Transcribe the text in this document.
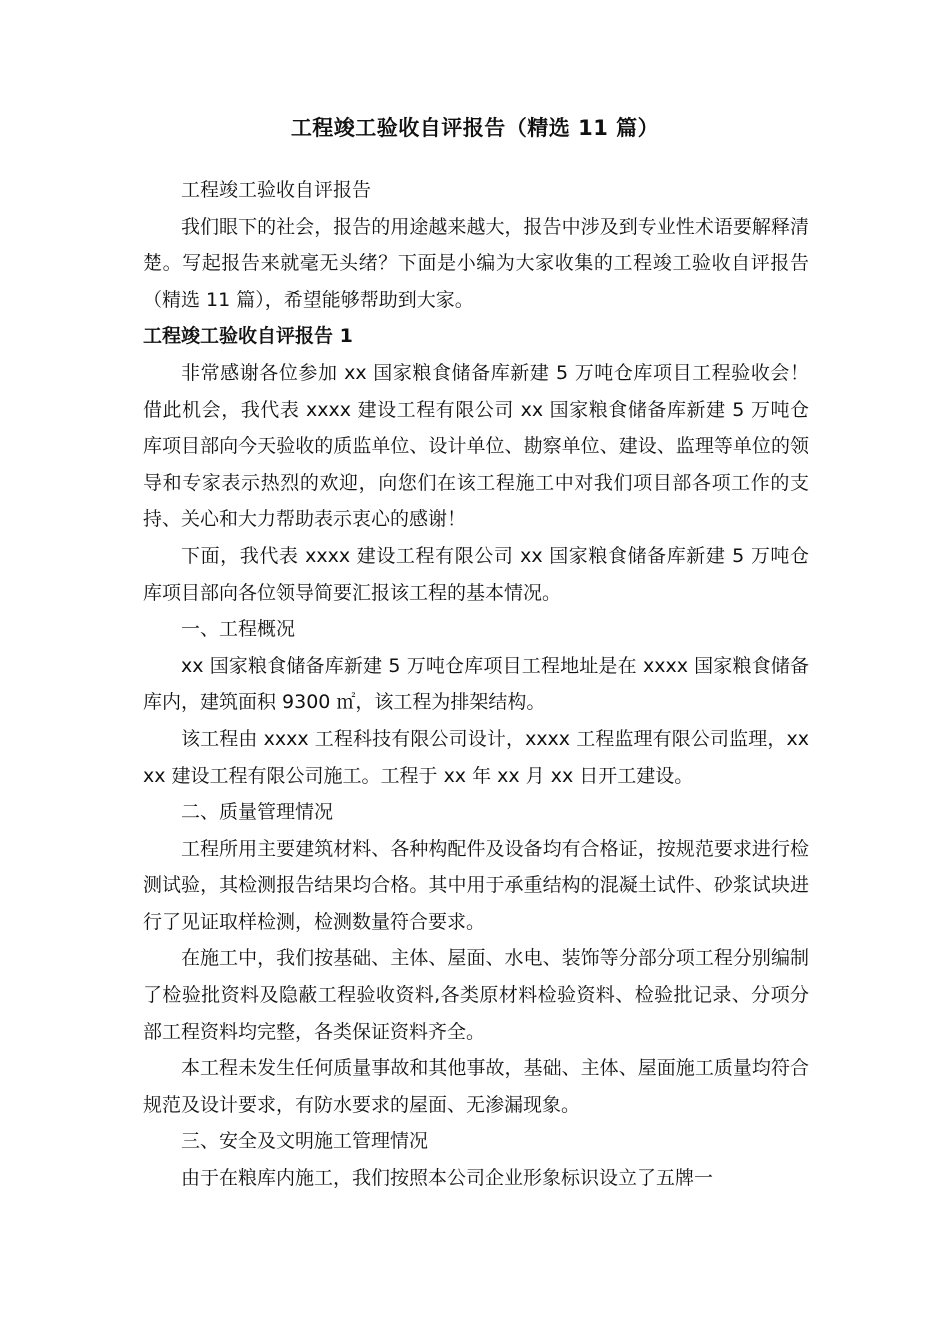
工程竣工验收自评报告（精选 11 篇）

工程竣工验收自评报告

我们眼下的社会，报告的用途越来越大，报告中涉及到专业性术语要解释清楚。写起报告来就毫无头绪？下面是小编为大家收集的工程竣工验收自评报告（精选 11 篇），希望能够帮助到大家。

工程竣工验收自评报告 1

非常感谢各位参加 xx 国家粮食储备库新建 5 万吨仓库项目工程验收会！借此机会，我代表 xxxx 建设工程有限公司 xx 国家粮食储备库新建 5 万吨仓库项目部向今天验收的质监单位、设计单位、勘察单位、建设、监理等单位的领导和专家表示热烈的欢迎，向您们在该工程施工中对我们项目部各项工作的支持、关心和大力帮助表示衷心的感谢！

下面，我代表 xxxx 建设工程有限公司 xx 国家粮食储备库新建 5 万吨仓库项目部向各位领导简要汇报该工程的基本情况。

一、工程概况

xx 国家粮食储备库新建 5 万吨仓库项目工程地址是在 xxxx 国家粮食储备库内，建筑面积 9300 ㎡，该工程为排架结构。

该工程由 xxxx 工程科技有限公司设计，xxxx 工程监理有限公司监理，xxxx 建设工程有限公司施工。工程于 xx 年 xx 月 xx 日开工建设。

二、质量管理情况

工程所用主要建筑材料、各种构配件及设备均有合格证，按规范要求进行检测试验，其检测报告结果均合格。其中用于承重结构的混凝土试件、砂浆试块进行了见证取样检测，检测数量符合要求。

在施工中，我们按基础、主体、屋面、水电、装饰等分部分项工程分别编制了检验批资料及隐蔽工程验收资料,各类原材料检验资料、检验批记录、分项分部工程资料均完整，各类保证资料齐全。

本工程未发生任何质量事故和其他事故，基础、主体、屋面施工质量均符合规范及设计要求，有防水要求的屋面、无渗漏现象。

三、安全及文明施工管理情况

由于在粮库内施工，我们按照本公司企业形象标识设立了五牌一
